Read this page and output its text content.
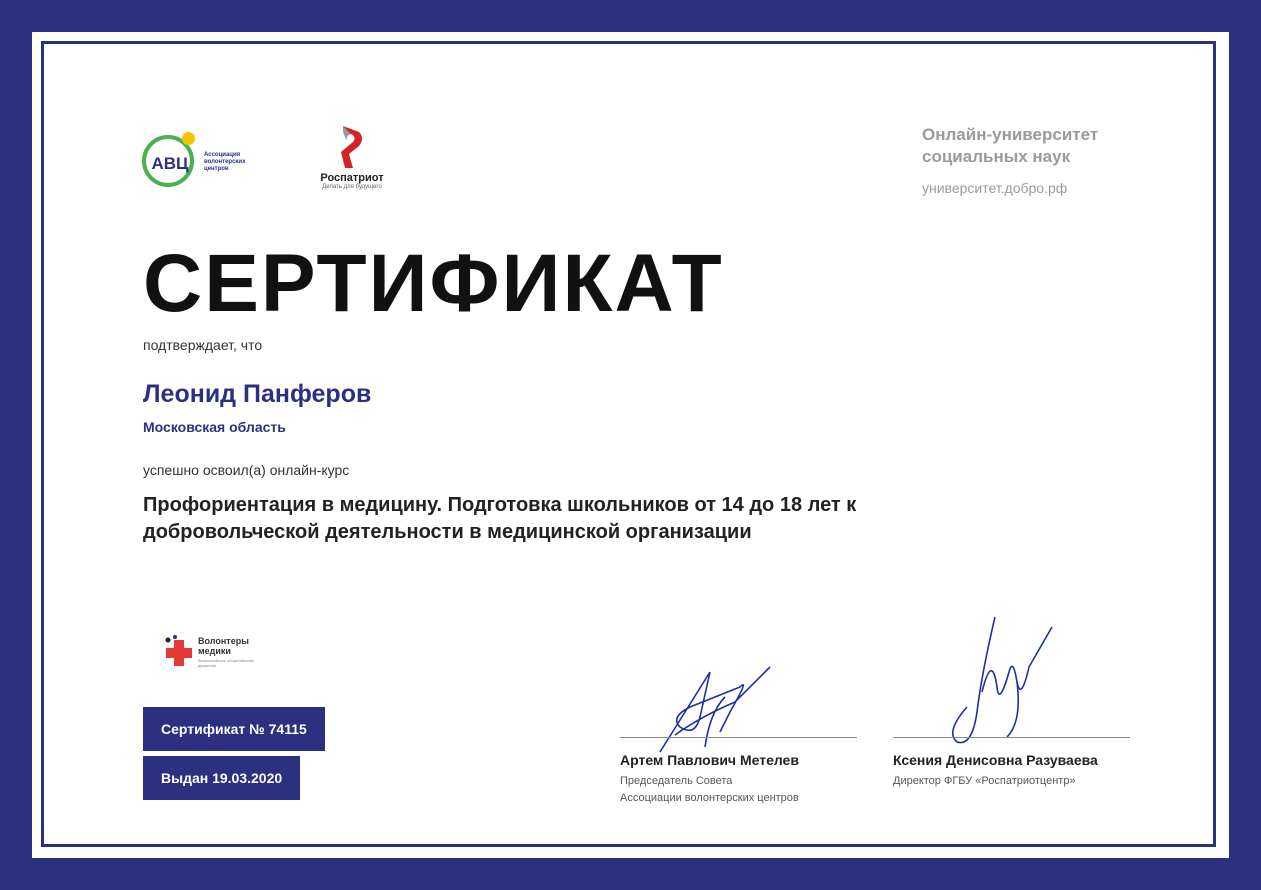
АВЦ	Ассоциация волонтерских центров
Роспатриот
Делать для будущего
Онлайн-университет
социальных наук
университет.добро.рф
СЕРТИФИКАТ
подтверждает, что
Леонид Панферов
Московская область
успешно освоил(а) онлайн-курс
Профориентация в медицину. Подготовка школьников от 14 до 18 лет к
добровольческой деятельности в медицинской организации
Волонтеры
медики
Всероссийское общественное движение
Сертификат № 74115
Выдан 19.03.2020
Артем Павлович Метелев
Председатель Совета
Ассоциации волонтерских центров
Ксения Денисовна Разуваева
Директор ФГБУ «Роспатриотцентр»
